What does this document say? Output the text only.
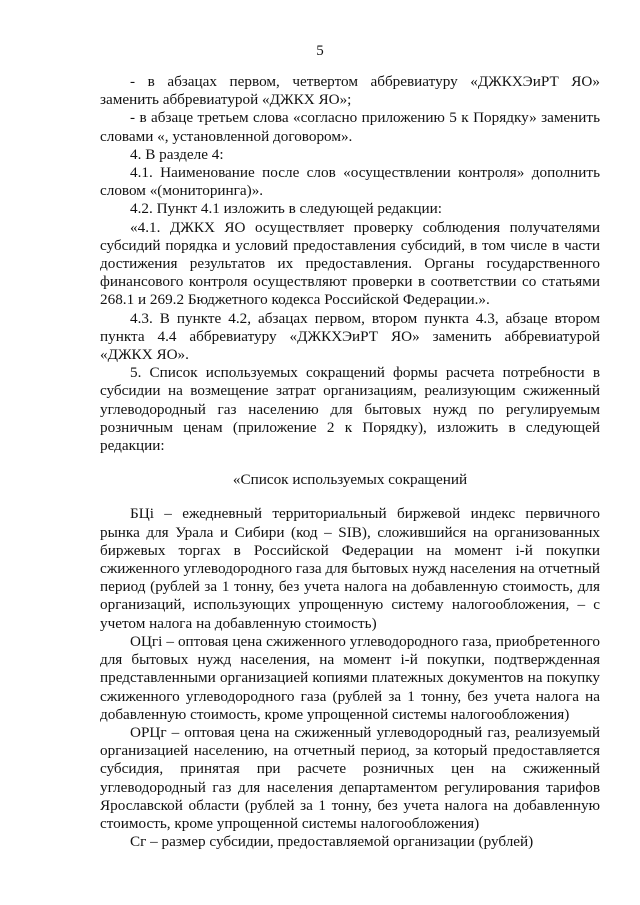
5

- в абзацах первом, четвертом аббревиатуру «ДЖКХЭиРТ ЯО» заменить аббревиатурой «ДЖКХ ЯО»;

- в абзаце третьем слова «согласно приложению 5 к Порядку» заменить словами «, установленной договором».

4. В разделе 4:

4.1. Наименование после слов «осуществлении контроля» дополнить словом «(мониторинга)».

4.2. Пункт 4.1 изложить в следующей редакции:

«4.1. ДЖКХ ЯО осуществляет проверку соблюдения получателями субсидий порядка и условий предоставления субсидий, в том числе в части достижения результатов их предоставления. Органы государственного финансового контроля осуществляют проверки в соответствии со статьями 268.1 и 269.2 Бюджетного кодекса Российской Федерации.».

4.3. В пункте 4.2, абзацах первом, втором пункта 4.3, абзаце втором пункта 4.4 аббревиатуру «ДЖКХЭиРТ ЯО» заменить аббревиатурой «ДЖКХ ЯО».

5. Список используемых сокращений формы расчета потребности в субсидии на возмещение затрат организациям, реализующим сжиженный углеводородный газ населению для бытовых нужд по регулируемым розничным ценам (приложение 2 к Порядку), изложить в следующей редакции:

«Список используемых сокращений

БЦi – ежедневный территориальный биржевой индекс первичного рынка для Урала и Сибири (код – SIB), сложившийся на организованных биржевых торгах в Российской Федерации на момент i-й покупки сжиженного углеводородного газа для бытовых нужд населения на отчетный период (рублей за 1 тонну, без учета налога на добавленную стоимость, для организаций, использующих упрощенную систему налогообложения, – с учетом налога на добавленную стоимость)

ОЦгi – оптовая цена сжиженного углеводородного газа, приобретенного для бытовых нужд населения, на момент i-й покупки, подтвержденная представленными организацией копиями платежных документов на покупку сжиженного углеводородного газа (рублей за 1 тонну, без учета налога на добавленную стоимость, кроме упрощенной системы налогообложения)

ОРЦг – оптовая цена на сжиженный углеводородный газ, реализуемый организацией населению, на отчетный период, за который предоставляется субсидия, принятая при расчете розничных цен на сжиженный углеводородный газ для населения департаментом регулирования тарифов Ярославской области (рублей за 1 тонну, без учета налога на добавленную стоимость, кроме упрощенной системы налогообложения)

Сг – размер субсидии, предоставляемой организации (рублей)
